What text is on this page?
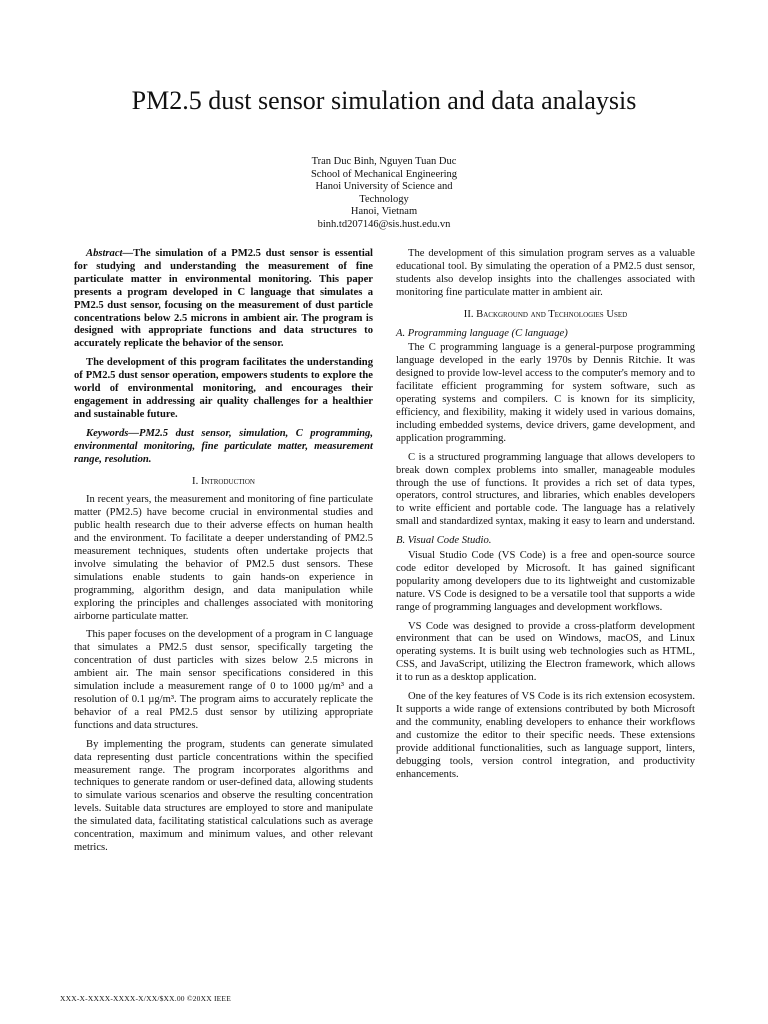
PM2.5 dust sensor simulation and data analaysis
Tran Duc Binh, Nguyen Tuan Duc
School of Mechanical Engineering
Hanoi University of Science and
Technology
Hanoi, Vietnam
binh.td207146@sis.hust.edu.vn

Abstract—The simulation of a PM2.5 dust sensor is essential for studying and understanding the measurement of fine particulate matter in environmental monitoring. This paper presents a program developed in C language that simulates a PM2.5 dust sensor, focusing on the measurement of dust particle concentrations below 2.5 microns in ambient air. The program is designed with appropriate functions and data structures to accurately replicate the behavior of the sensor.

The development of this program facilitates the understanding of PM2.5 dust sensor operation, empowers students to explore the world of environmental monitoring, and encourages their engagement in addressing air quality challenges for a healthier and sustainable future.

Keywords—PM2.5 dust sensor, simulation, C programming, environmental monitoring, fine particulate matter, measurement range, resolution.

I. Introduction

In recent years, the measurement and monitoring of fine particulate matter (PM2.5) have become crucial in environmental studies and public health research due to their adverse effects on human health and the environment. To facilitate a deeper understanding of PM2.5 measurement techniques, students often undertake projects that involve simulating the behavior of PM2.5 dust sensors. These simulations enable students to gain hands-on experience in programming, algorithm design, and data manipulation while exploring the principles and challenges associated with monitoring airborne particulate matter.

This paper focuses on the development of a program in C language that simulates a PM2.5 dust sensor, specifically targeting the concentration of dust particles with sizes below 2.5 microns in ambient air. The main sensor specifications considered in this simulation include a measurement range of 0 to 1000 µg/m³ and a resolution of 0.1 µg/m³. The program aims to accurately replicate the behavior of a real PM2.5 dust sensor by utilizing appropriate functions and data structures.

By implementing the program, students can generate simulated data representing dust particle concentrations within the specified measurement range. The program incorporates algorithms and techniques to generate random or user-defined data, allowing students to simulate various scenarios and observe the resulting concentration levels. Suitable data structures are employed to store and manipulate the simulated data, facilitating statistical calculations such as average concentration, maximum and minimum values, and other relevant metrics.

The development of this simulation program serves as a valuable educational tool. By simulating the operation of a PM2.5 dust sensor, students also develop insights into the challenges associated with monitoring fine particulate matter in ambient air.

II. Background and Technologies Used
A. Programming language (C language)

The C programming language is a general-purpose programming language developed in the early 1970s by Dennis Ritchie. It was designed to provide low-level access to the computer's memory and to facilitate efficient programming for system software, such as operating systems and compilers. C is known for its simplicity, efficiency, and flexibility, making it widely used in various domains, including embedded systems, device drivers, game development, and application programming.

C is a structured programming language that allows developers to break down complex problems into smaller, manageable modules through the use of functions. It provides a rich set of data types, operators, control structures, and libraries, which enables developers to write efficient and portable code. The language has a relatively small and standardized syntax, making it easy to learn and understand.

B. Visual Code Studio.

Visual Studio Code (VS Code) is a free and open-source source code editor developed by Microsoft. It has gained significant popularity among developers due to its lightweight and customizable nature. VS Code is designed to be a versatile tool that supports a wide range of programming languages and development workflows.

VS Code was designed to provide a cross-platform development environment that can be used on Windows, macOS, and Linux operating systems. It is built using web technologies such as HTML, CSS, and JavaScript, utilizing the Electron framework, which allows it to run as a desktop application.

One of the key features of VS Code is its rich extension ecosystem. It supports a wide range of extensions contributed by both Microsoft and the community, enabling developers to enhance their workflows and customize the editor to their specific needs. These extensions provide additional functionalities, such as language support, linters, debugging tools, version control integration, and productivity enhancements.

XXX-X-XXXX-XXXX-X/XX/$XX.00 ©20XX IEEE
